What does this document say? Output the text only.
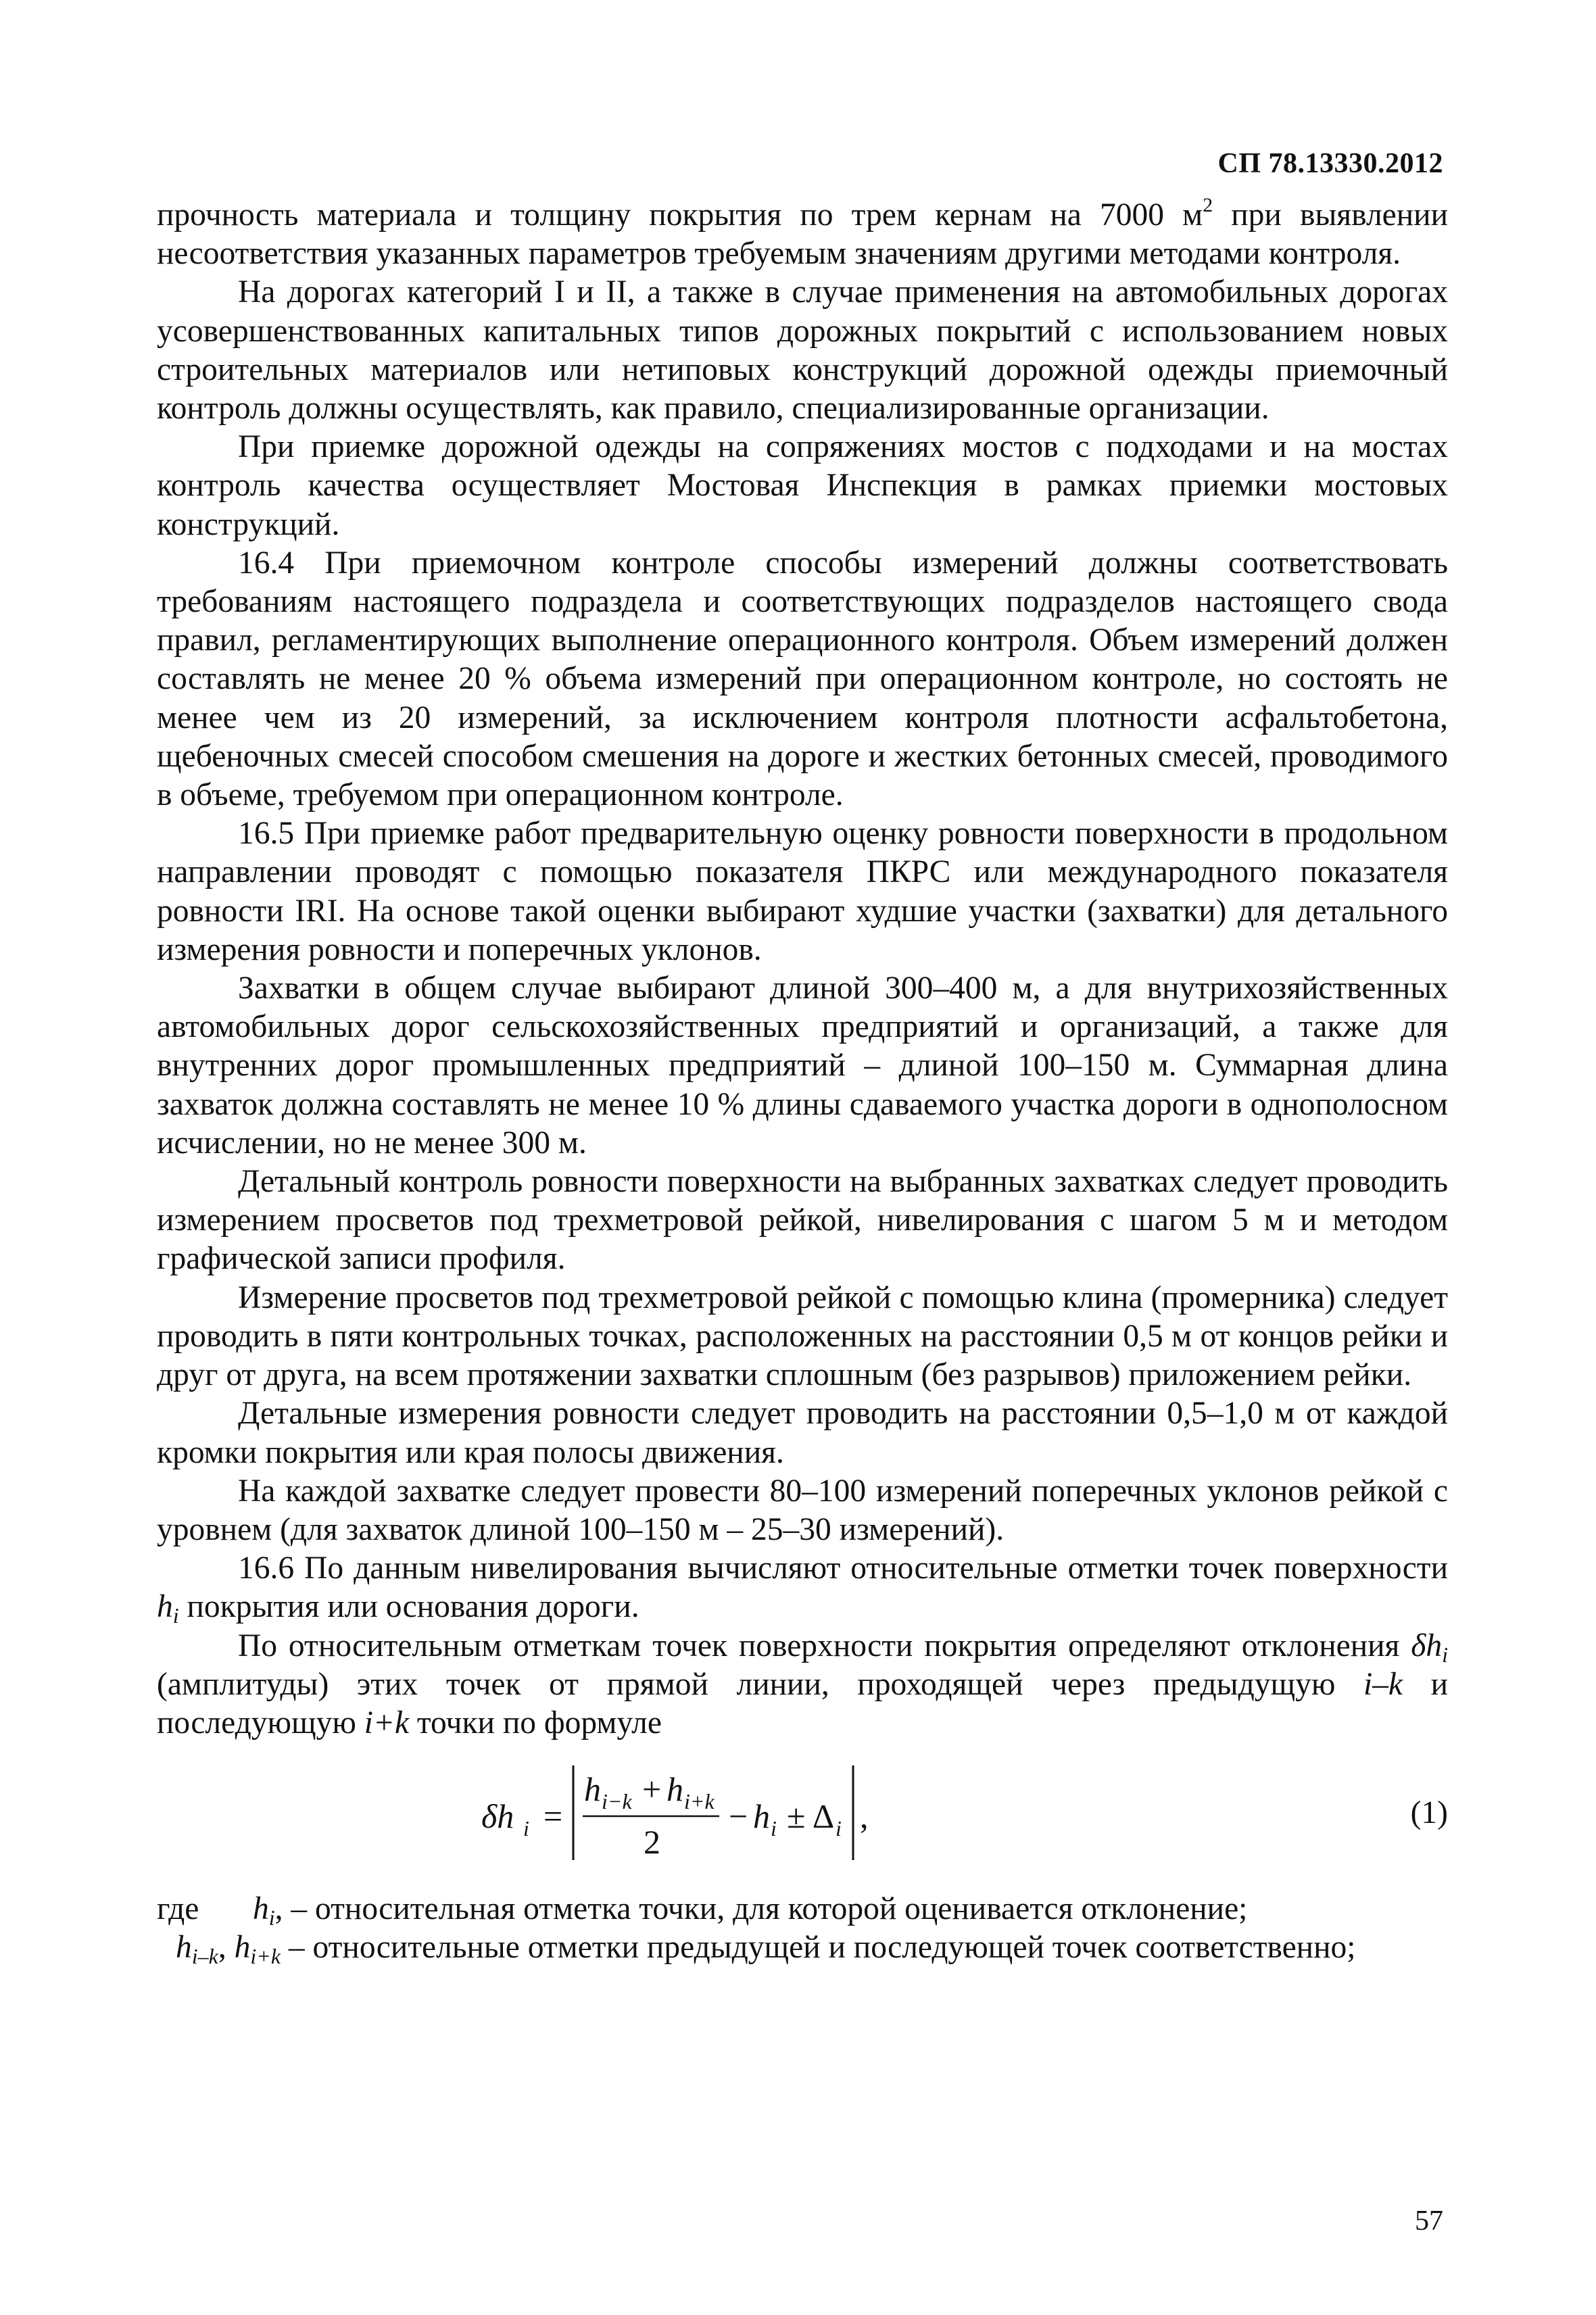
СП 78.13330.2012

прочность материала и толщину покрытия по трем кернам на 7000 $м^2$ при выявлении несоответствия указанных параметров требуемым значениям другими методами контроля.

На дорогах категорий I и II, а также в случае применения на автомобильных дорогах усовершенствованных капитальных типов дорожных покрытий с использованием новых строительных материалов или нетиповых конструкций дорожной одежды приемочный контроль должны осуществлять, как правило, специализированные организации.

При приемке дорожной одежды на сопряжениях мостов с подходами и на мостах контроль качества осуществляет Мостовая Инспекция в рамках приемки мостовых конструкций.

16.4 При приемочном контроле способы измерений должны соответствовать требованиям настоящего подраздела и соответствующих подразделов настоящего свода правил, регламентирующих выполнение операционного контроля. Объем измерений должен составлять не менее 20 % объема измерений при операционном контроле, но состоять не менее чем из 20 измерений, за исключением контроля плотности асфальтобетона, щебеночных смесей способом смешения на дороге и жестких бетонных смесей, проводимого в объеме, требуемом при операционном контроле.

16.5 При приемке работ предварительную оценку ровности поверхности в продольном направлении проводят с помощью показателя ПКРС или международного показателя ровности IRI. На основе такой оценки выбирают худшие участки (захватки) для детального измерения ровности и поперечных уклонов.

Захватки в общем случае выбирают длиной 300–400 м, а для внутрихозяйственных автомобильных дорог сельскохозяйственных предприятий и организаций, а также для внутренних дорог промышленных предприятий – длиной 100–150 м. Суммарная длина захваток должна составлять не менее 10 % длины сдаваемого участка дороги в однополосном исчислении, но не менее 300 м.

Детальный контроль ровности поверхности на выбранных захватках следует проводить измерением просветов под трехметровой рейкой, нивелирования с шагом 5 м и методом графической записи профиля.

Измерение просветов под трехметровой рейкой с помощью клина (промерника) следует проводить в пяти контрольных точках, расположенных на расстоянии 0,5 м от концов рейки и друг от друга, на всем протяжении захватки сплошным (без разрывов) приложением рейки.

Детальные измерения ровности следует проводить на расстоянии 0,5–1,0 м от каждой кромки покрытия или края полосы движения.

На каждой захватке следует провести 80–100 измерений поперечных уклонов рейкой с уровнем (для захваток длиной 100–150 м – 25–30 измерений).

16.6 По данным нивелирования вычисляют относительные отметки точек поверхности $h_i$ покрытия или основания дороги.

По относительным отметкам точек поверхности покрытия определяют отклонения $\delta h_i$ (амплитуды) этих точек от прямой линии, проходящей через предыдущую i–k и последующую i+k точки по формуле

δh i =
h i−k + h i+k
2
− h i ± Δ i ,	(1)

где $h_i$, – относительная отметка точки, для которой оценивается отклонение;

$h_{i-k}$, $h_{i+k}$ – относительные отметки предыдущей и последующей точек соответственно;

57
